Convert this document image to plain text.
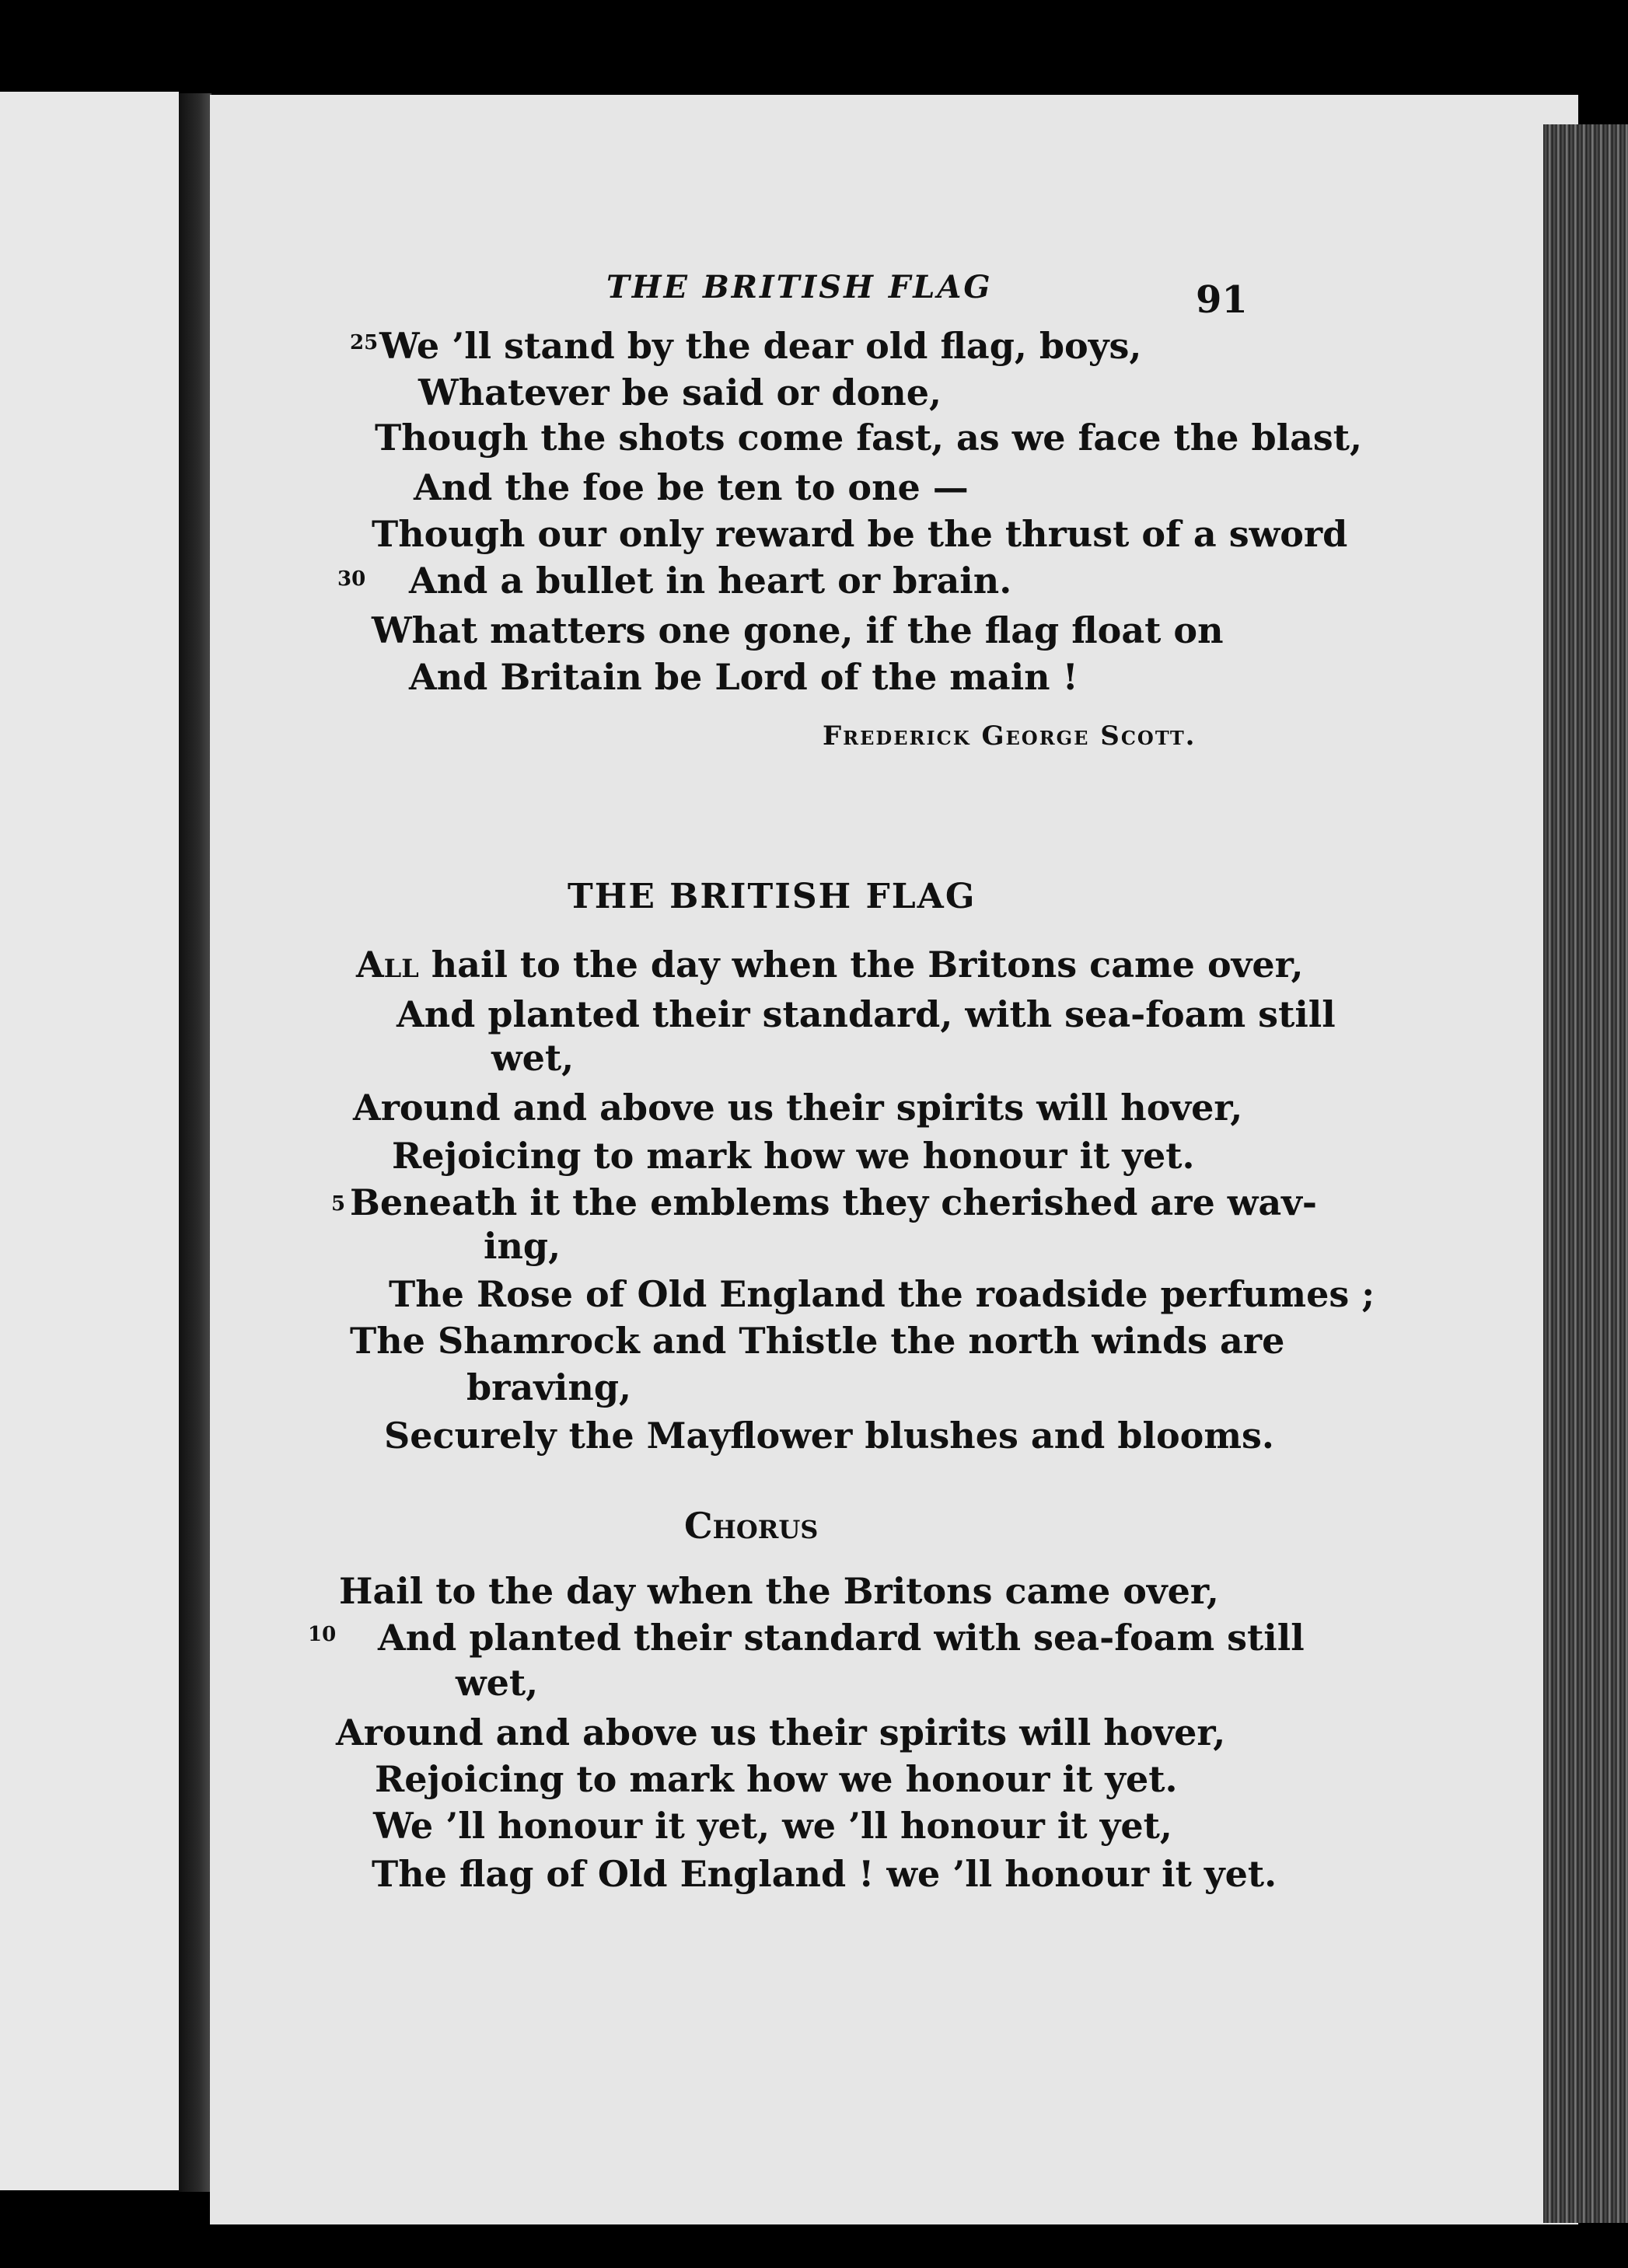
THE BRITISH FLAG	91
25 We ’ll stand by the dear old flag, boys,
Whatever be said or done,
Though the shots come fast, as we face the blast,
And the foe be ten to one —
Though our only reward be the thrust of a sword
30 And a bullet in heart or brain.
What matters one gone, if the flag float on
And Britain be Lord of the main !
Frederick George Scott.
THE BRITISH FLAG
All hail to the day when the Britons came over,
And planted their standard, with sea-foam still
wet,
Around and above us their spirits will hover,
Rejoicing to mark how we honour it yet.
5 Beneath it the emblems they cherished are wav-
ing,
The Rose of Old England the roadside perfumes ;
The Shamrock and Thistle the north winds are
braving,
Securely the Mayflower blushes and blooms.
Chorus
Hail to the day when the Britons came over,
10 And planted their standard with sea-foam still
wet,
Around and above us their spirits will hover,
Rejoicing to mark how we honour it yet.
We ’ll honour it yet, we ’ll honour it yet,
The flag of Old England ! we ’ll honour it yet.
